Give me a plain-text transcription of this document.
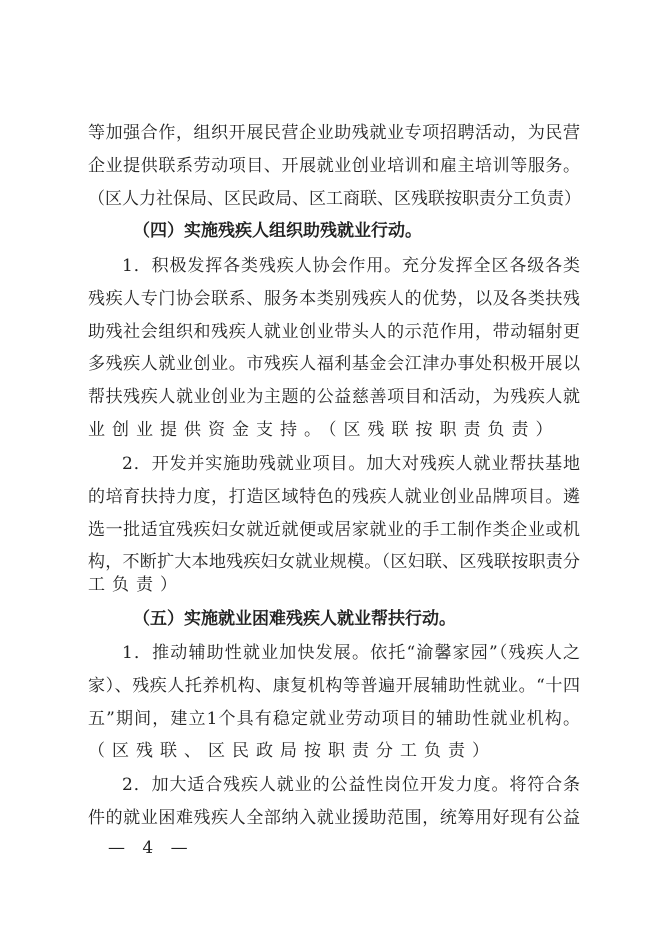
— 4 —
等加强合作，组织开展民营企业助残就业专项招聘活动，为民营
企业提供联系劳动项目、开展就业创业培训和雇主培训等服务。
（区人力社保局、区民政局、区工商联、区残联按职责分工负责）
（四）实施残疾人组织助残就业行动。
1．积极发挥各类残疾人协会作用。充分发挥全区各级各类
残疾人专门协会联系、服务本类别残疾人的优势，以及各类扶残
助残社会组织和残疾人就业创业带头人的示范作用，带动辐射更
多残疾人就业创业。市残疾人福利基金会江津办事处积极开展以
帮扶残疾人就业创业为主题的公益慈善项目和活动，为残疾人就
业创业提供资金支持。（区残联按职责负责）
2．开发并实施助残就业项目。加大对残疾人就业帮扶基地
的培育扶持力度，打造区域特色的残疾人就业创业品牌项目。遴
选一批适宜残疾妇女就近就便或居家就业的手工制作类企业或机
构，不断扩大本地残疾妇女就业规模。（区妇联、区残联按职责分
工负责）
（五）实施就业困难残疾人就业帮扶行动。
1．推动辅助性就业加快发展。依托“渝馨家园”（残疾人之
家）、残疾人托养机构、康复机构等普遍开展辅助性就业。“十四
五”期间，建立1个具有稳定就业劳动项目的辅助性就业机构。
（区残联、区民政局按职责分工负责）
2．加大适合残疾人就业的公益性岗位开发力度。将符合条
件的就业困难残疾人全部纳入就业援助范围，统筹用好现有公益
